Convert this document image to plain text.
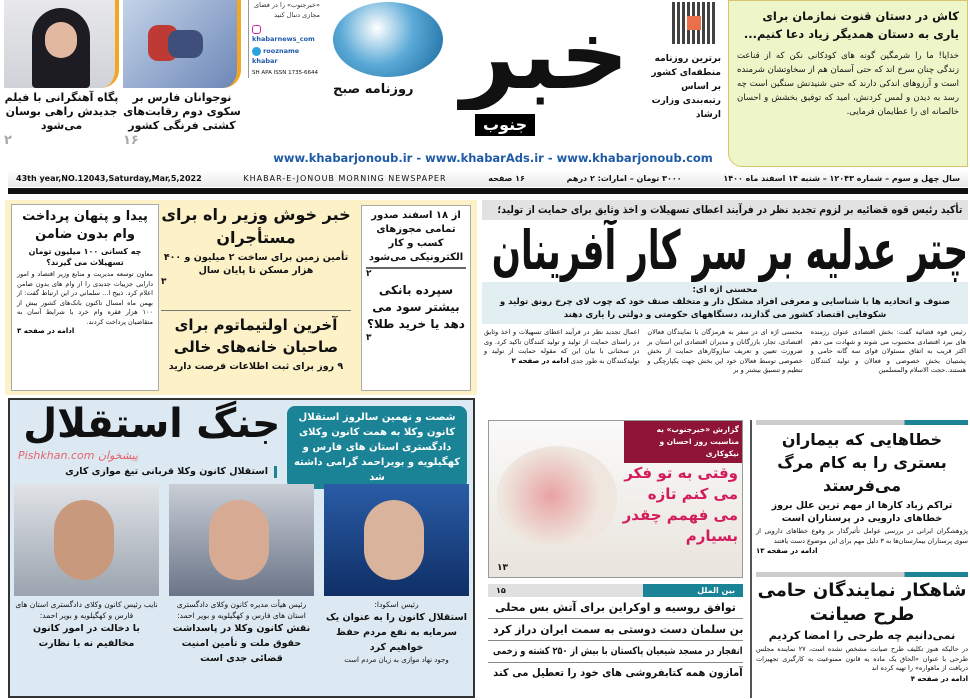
پگاه آهنگرانی با فیلم جدیدش راهی بوسان می‌شود
۲
نوجوانان فارس بر سکوی دوم رقابت‌های کشتی فرنگی کشور
۱۶
«خبرجنوب» را در فضای مجازی دنبال کنید
khabarnews_com
roozname khabar
SH APA ISSN 1735-6644
روزنامه صبح خبر
جنوب
برترین روزنامه منطقه‌ای کشور بر اساس رتبه‌بندی وزارت ارشاد
کاش در دستان قنوت نمازمان برای یاری به دستان همدیگر زیاد دعا کنیم...
خدایا! ما را شرمگین گونه های کودکانی نکن که از قناعت زندگی چنان سرخ اند که حتی آسمان هم از سخاوتشان شرمنده است و آرزوهای اندکی دارند که حتی شنیدنش سنگین است چه رسد به دیدن و لمس کردنش، امید که توفیق بخشش و احسان خالصانه ای را عطایمان فرمایی.
www.khabarjonoub.ir - www.khabarAds.ir - www.khabarjonoub.com
43th year,NO.12043,Saturday,Mar,5,2022	KHABAR-E-JONOUB MORNING NEWSPAPER	۱۶ صفحه	۳۰۰۰ تومان – امارات: ۲ درهم	سال چهل و سوم – شماره ۱۲۰۴۳ – شنبه ۱۴ اسفند ماه ۱۴۰۰
از ۱۸ اسفند صدور تمامی مجوزهای کسب و کار الکترونیکی می‌شود
۲
سپرده بانکی بیشتر سود می دهد یا خرید طلا؟
۳
خبر خوش وزیر راه برای مستأجران
تأمین زمین برای ساخت ۲ میلیون و ۴۰۰ هزار مسکن تا پایان سال
۳
آخرین اولتیماتوم برای صاحبان خانه‌های خالی
۹ روز برای ثبت اطلاعات فرصت دارید
پیدا و پنهان پرداخت وام بدون ضامن
چه کسانی ۱۰۰ میلیون تومان تسهیلات می گیرند؟
معاون توسعه مدیریت و منابع وزیر اقتصاد و امور دارایی جزییات جدیدی را از وام های بدون ضامن اعلام کرد. ذبیح ا... سلماني در این ارتباط گفت: از بهمن ماه امسال تاکنون بانک‌های کشور بیش از ۱۰۰ هزار فقره وام خرد با شرایط آسان به متقاضیان پرداخت کردند.
ادامه در صفحه ۳
تأکید رئیس قوه قضائیه بر لزوم تجدید نظر در فرآیند اعطای تسهیلات و اخذ وثایق برای حمایت از تولید؛
چتر عدلیه بر سر کار آفرینان
محسنی اژه ای:
صنوف و اتحادیه ها با شناسایی و معرفی افراد مشکل دار و متخلف صنف خود که چوب لای چرخ رونق تولید و شکوفایی اقتصاد کشور می گذارند، دستگاههای حکومتی و دولتی را یاری دهند
رئیس قوه قضائیه گفت: بخش اقتصادی عنوان رزمنده های نبرد اقتصادی محسوب می شوند و شهادت می دهم اکثر قریب به اتفاق مسئولان قوای سه گانه حامی و پشتیبان بخش خصوصی و فعالان و تولید کنندگان هستند..حجت الاسلام والمسلمین
محسنی اژه ای در سفر به هرمزگان با نمایندگان فعالان اقتصادی، تجار، بازرگانان و مدیران اقتصادی این استان بر ضرورت تعیین و تعریف سازوکارهای حمایت از بخش خصوصی توسط فعالان خود این بخش جهت یکپارچگی و تنظیم و تنسیق بیشتر و بر
اعمال تجدید نظر در فرآیند اعطای تسهیلات و اخذ وثایق در راستای حمایت از تولید و تولید کنندگان تاکید کرد. وی در سخنانی با بیان این که مقوله حمایت از تولید و تولیدکنندگان به طور جدی ادامه در صفحه ۲
شصت و نهمین سالروز استقلال کانون وکلا به همت کانون وکلای دادگستری استان های فارس و کهگیلویه و بویراحمد گرامی داشته شد
جنگ استقلال
Pishkhan.com پیشخوان
استقلال کانون وکلا قربانی تیغ موازی کاری
رئیس اسکودا:
استقلال کانون را به عنوان یک سرمایه به نفع مردم حفظ خواهیم کرد
وجود نهاد موازی به زیان مردم است
رئیس هیأت مدیره کانون وکلای دادگستری استان های فارس و کهگیلویه و بویر احمد:
نقش کانون وکلا در پاسداشت حقوق ملت و تأمین امنیت قضائی جدی است
نایب رئیس کانون وکلای دادگستری استان های فارس و کهگیلویه و بویر احمد:
با دخالت در امور کانون مخالفیم نه با نظارت
گزارش «خبرجنوب» به مناسبت روز احسان و نیکوکاری
وقتی به تو فکر می کنم تازه می فهمم چقدر بسیارم
۱۳
بین الملل
۱۵
توافق روسیه و اوکراین برای آتش بس محلی
بن سلمان دست دوستی به سمت ایران دراز کرد
انفجار در مسجد شیعیان پاکستان با بیش از ۲۵۰ کشته و زخمی
آمازون همه کتابفروشی های خود را تعطیل می کند
خطاهایی که بیماران بستری را به کام مرگ می‌فرستد
تراکم زیاد کارها از مهم ترین علل بروز خطاهای دارویی در پرستاران است
پژوهشگران ایرانی در بررسی عوامل تأثیرگذار بر وقوع خطاهای دارویی از سوی پرستاران بیمارستان‌ها به ۳ دلیل مهم برای این موضوع دست یافتند
ادامه در صفحه ۱۳
شاهکار نمایندگان حامی طرح صیانت
نمی‌دانیم چه طرحی را امضا کردیم
در حالیکه هنوز تکلیف طرح صیانت مشخص نشده است، ۲۷ نماینده مجلس طرحی با عنوان «الحاق یک ماده به قانون ممنوعیت به کارگیری تجهیزات دریافت از ماهواره» را تهیه کرده اند
ادامه در صفحه ۴
